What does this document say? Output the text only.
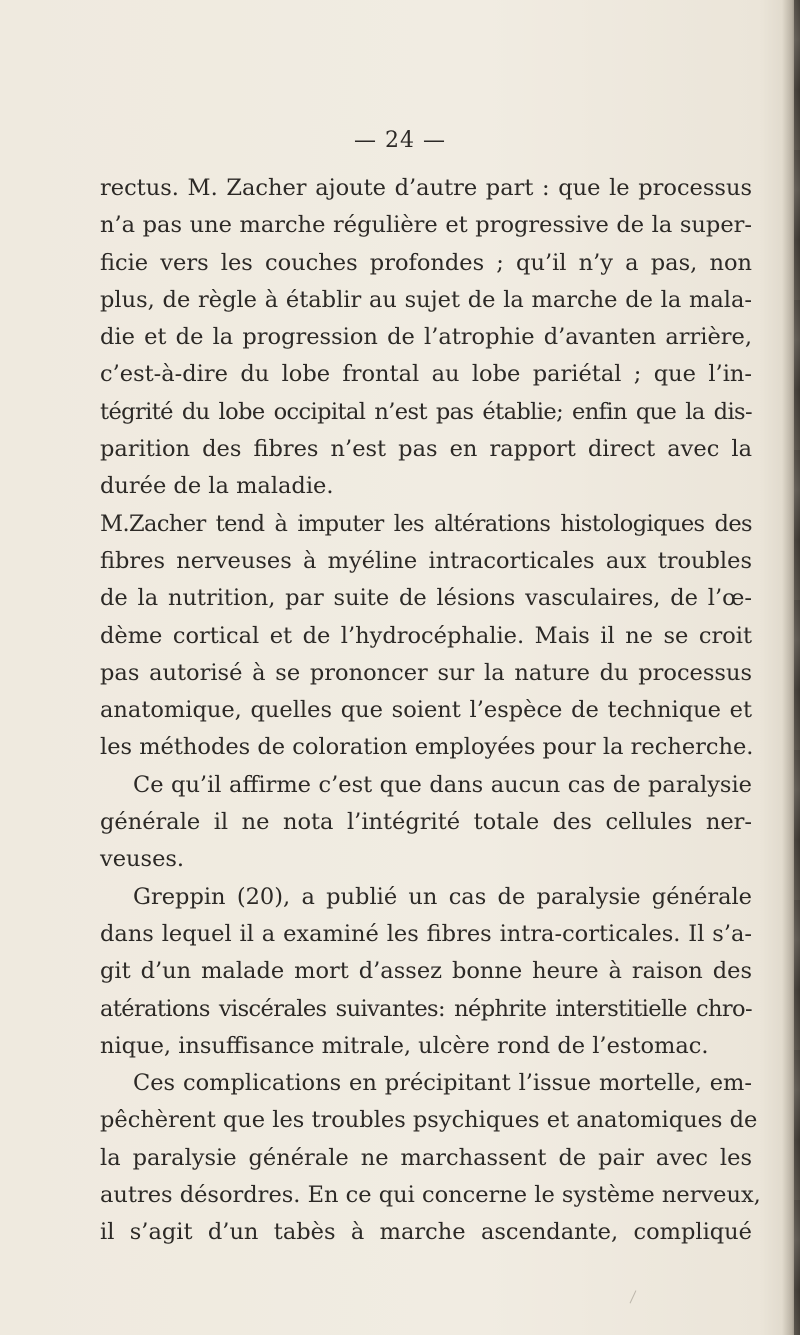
— 24 —
rectus. M. Zacher ajoute d’autre part : que le processus
n’a pas une marche régulière et progressive de la super-
ficie vers les couches profondes ; qu’il n’y a pas, non
plus, de règle à établir au sujet de la marche de la mala-
die et de la progression de l’atrophie d’avanten arrière,
c’est-à-dire du lobe frontal au lobe pariétal ; que l’in-
tégrité du lobe occipital n’est pas établie; enfin que la dis-
parition des fibres n’est pas en rapport direct avec la
durée de la maladie.
M.Zacher tend à imputer les altérations histologiques des
fibres nerveuses à myéline intracorticales aux troubles
de la nutrition, par suite de lésions vasculaires, de l’œ-
dème cortical et de l’hydrocéphalie. Mais il ne se croit
pas autorisé à se prononcer sur la nature du processus
anatomique, quelles que soient l’espèce de technique et
les méthodes de coloration employées pour la recherche.
Ce qu’il affirme c’est que dans aucun cas de paralysie
générale il ne nota l’intégrité totale des cellules ner-
veuses.
Greppin (20), a publié un cas de paralysie générale
dans lequel il a examiné les fibres intra-corticales. Il s’a-
git d’un malade mort d’assez bonne heure à raison des
atérations viscérales suivantes: néphrite interstitielle chro-
nique, insuffisance mitrale, ulcère rond de l’estomac.
Ces complications en précipitant l’issue mortelle, em-
pêchèrent que les troubles psychiques et anatomiques de
la paralysie générale ne marchassent de pair avec les
autres désordres. En ce qui concerne le système nerveux,
il s’agit d’un tabès à marche ascendante, compliqué
